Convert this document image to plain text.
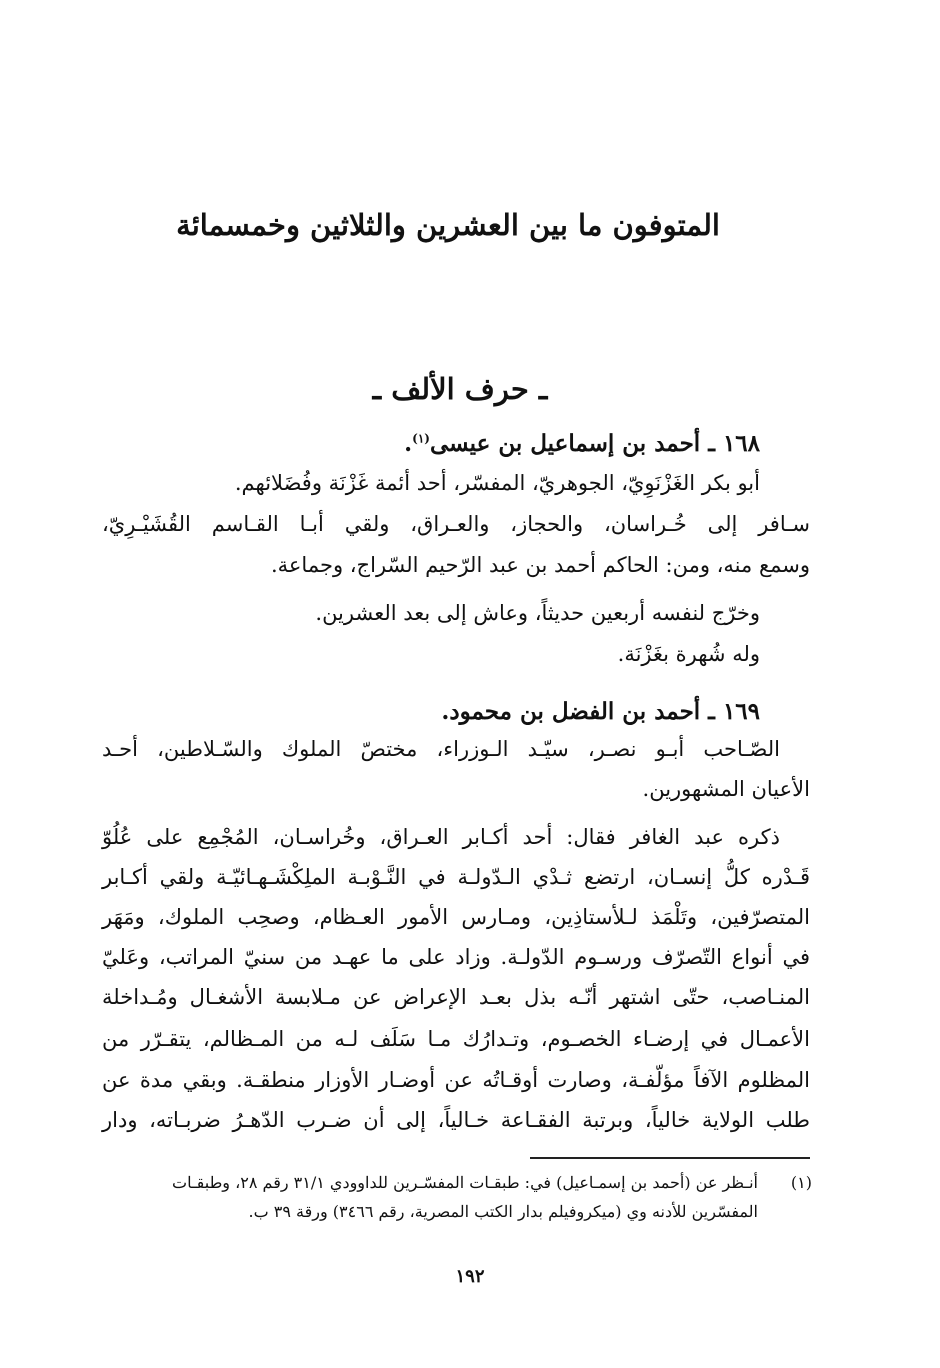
المتوفون ما بين العشرين والثلاثين وخمسمائة
ـ حرف الألف ـ
١٦٨ ـ أحمد بن إسماعيل بن عيسى$^{(١)}$.
أبو بكر الغَزْنَوِيّ، الجوهريّ، المفسّر، أحد أئمة غَزْنَة وفُضَلائهم.
سـافر إلى خُـراسان، والحجاز، والعـراق، ولقي أبـا القـاسم القُشَيْـرِيّ،
وسمع منه، ومن: الحاكم أحمد بن عبد الرّحيم السّراج، وجماعة.
وخرّج لنفسه أربعين حديثاً، وعاش إلى بعد العشرين.
وله شُهرة بغَزْنَة.
١٦٩ ـ أحمد بن الفضل بن محمود.
الصّـاحب أبـو نصـر، سيّـد الـوزراء، مختصّ الملوك والسّـلاطين، أحـد
الأعيان المشهورين.
ذكره عبد الغافر فقال: أحد أكـابر العـراق، وخُراسـان، المُجْمِع على عُلُوّ
قَـدْره كلُّ إنسـان، ارتضع ثـدْي الـدّولـة في النَّـوْبـة الملِكْشَـهـائيّـة ولقي أكـابر
المتصرّفين، وتَلْمَذ لـلأستاذِين، ومـارس الأمور العـظام، وصحِب الملوك، ومَهَر
في أنواع التّصرّف ورسـوم الدّولـة. وزاد على ما عهـد من سنيّ المراتب، وعَليّ
المنـاصب، حتّى اشتهر أنّـه بذل بعـد الإعراض عن مـلابسة الأشغـال ومُـداخلة
الأعمـال في إرضـاء الخصـوم، وتـدارُك مـا سَلَف لـه من المـظالم، يتقـرّر من
المظلوم الآفاً مؤلّفـة، وصارت أوقـاتُه عن أوضـار الأوزار منطقـة. وبقي مدة عن
طلب الولاية خالياً، وبرتبة الفقـاعة خـالياً، إلى أن ضـرب الدّهـرُ ضربـاته، ودار
(١)
أنـظر عن (أحمد بن إسمـاعيل) في: طبقـات المفسّـرين للداوودي ٣١/١ رقم ٢٨، وطبقـات
المفسّرين للأدنه وي (ميكروفيلم بدار الكتب المصرية، رقم ٣٤٦٦) ورقة ٣٩ ب.
١٩٢
